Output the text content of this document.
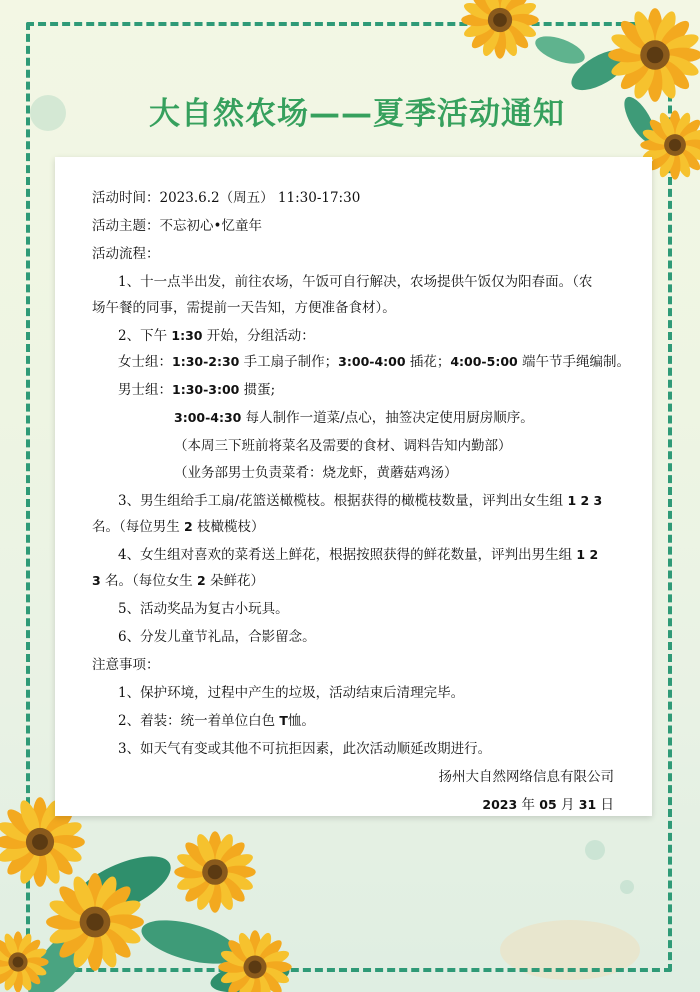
大自然农场——夏季活动通知
活动时间：2023.6.2（周五） 11:30-17:30
活动主题：不忘初心•忆童年
活动流程：
1、十一点半出发，前往农场，午饭可自行解决，农场提供午饭仅为阳春面。（农
场午餐的同事，需提前一天告知，方便准备食材）。
2、下午 1:30 开始，分组活动：
女士组：1:30-2:30 手工扇子制作；3:00-4:00 插花；4:00-5:00 端午节手绳编制。
男士组：1:30-3:00 掼蛋;
3:00-4:30 每人制作一道菜/点心，抽签决定使用厨房顺序。
（本周三下班前将菜名及需要的食材、调料告知内勤部）
（业务部男士负责菜肴：烧龙虾，黄蘑菇鸡汤）
3、男生组给手工扇/花篮送橄榄枝。根据获得的橄榄枝数量，评判出女生组 1 2 3
名。（每位男生 2 枝橄榄枝）
4、女生组对喜欢的菜肴送上鲜花，根据按照获得的鲜花数量，评判出男生组 1 2
3 名。（每位女生 2 朵鲜花）
5、活动奖品为复古小玩具。
6、分发儿童节礼品，合影留念。
注意事项：
1、保护环境，过程中产生的垃圾，活动结束后清理完毕。
2、着装：统一着单位白色 T恤。
3、如天气有变或其他不可抗拒因素，此次活动顺延改期进行。
扬州大自然网络信息有限公司
2023 年 05 月 31 日
